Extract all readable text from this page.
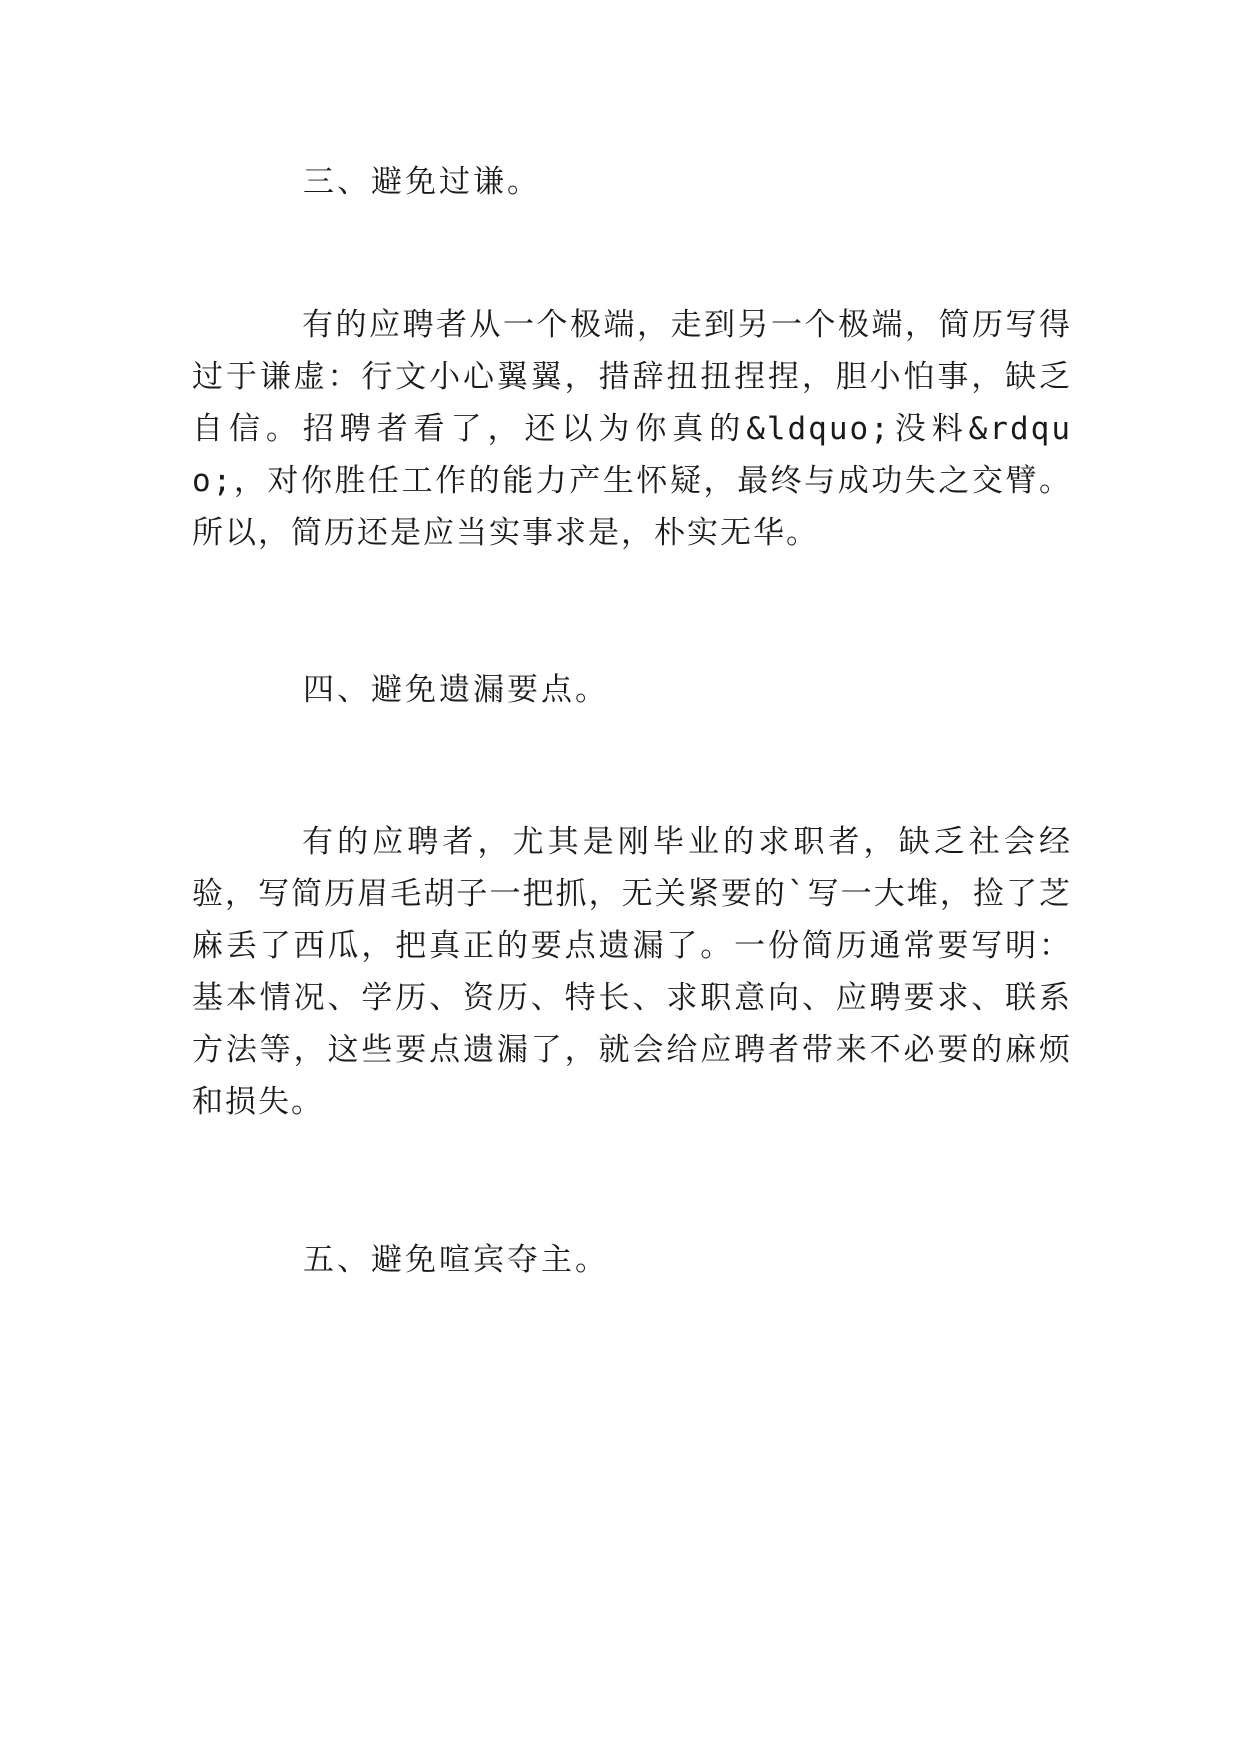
三、避免过谦。

有的应聘者从一个极端，走到另一个极端，简历写得过于谦虚：行文小心翼翼，措辞扭扭捏捏，胆小怕事，缺乏自信。招聘者看了，还以为你真的&ldquo;没料&rdquo;，对你胜任工作的能力产生怀疑，最终与成功失之交臂。所以，简历还是应当实事求是，朴实无华。

四、避免遗漏要点。

有的应聘者，尤其是刚毕业的求职者，缺乏社会经验，写简历眉毛胡子一把抓，无关紧要的`写一大堆，捡了芝麻丢了西瓜，把真正的要点遗漏了。一份简历通常要写明：基本情况、学历、资历、特长、求职意向、应聘要求、联系方法等，这些要点遗漏了，就会给应聘者带来不必要的麻烦和损失。

五、避免喧宾夺主。
